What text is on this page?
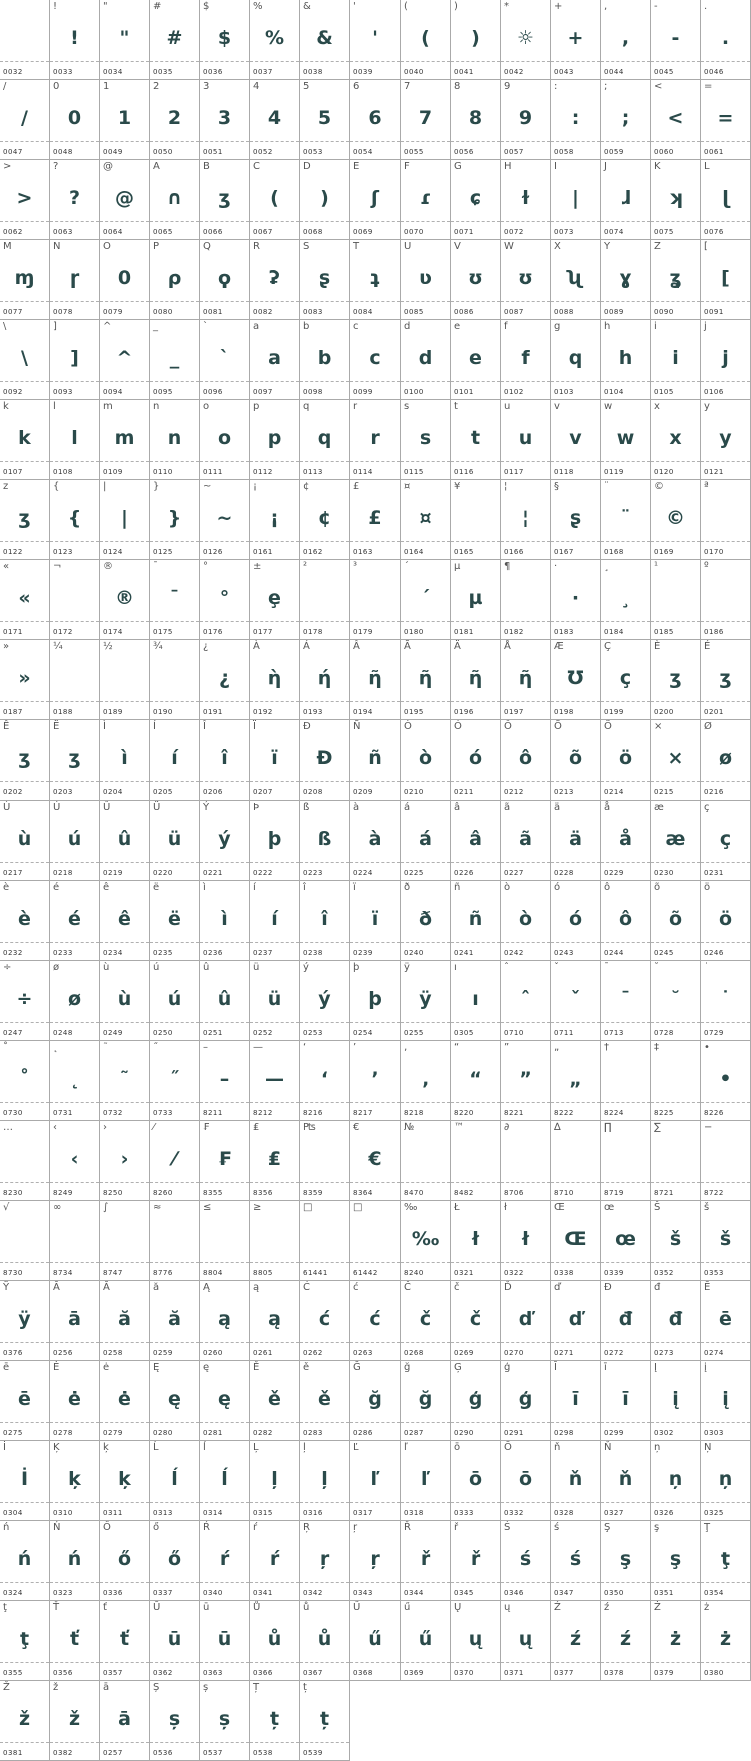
0032
!
!
0033
"
"
0034
#
#
0035
$
$
0036
%
%
0037
&
&
0038
'
'
0039
(
(
0040
)
)
0041
*
☼
0042
+
+
0043
,
,
0044
-
-
0045
.
.
0046
/
/
0047
0
0
0048
1
1
0049
2
2
0050
3
3
0051
4
4
0052
5
5
0053
6
6
0054
7
7
0055
8
8
0056
9
9
0057
:
:
0058
;
;
0059
<
<
0060
=
=
0061
>
>
0062
?
?
0063
@
@
0064
A
∩
0065
B
ʒ
0066
C
(
0067
D
)
0068
E
ʃ
0069
F
ɾ
0070
G
ɕ
0071
H
ɫ
0072
I
|
0073
J
ɺ
0074
K
ʞ
0075
L
ɭ
0076
M
ɱ
0077
N
ɼ
0078
O
0
0079
P
ρ
0080
Q
ϙ
0081
R
ʡ
0082
S
ʂ
0083
T
ʇ
0084
U
ʋ
0085
V
ʊ
0086
W
ʊ
0087
X
ʯ
0088
Y
ɣ
0089
Z
ʓ
0090
[
[
0091
\
\
0092
]
]
0093
^
^
0094
_
_
0095
`
`
0096
a
a
0097
b
b
0098
c
c
0099
d
d
0100
e
e
0101
f
f
0102
g
q
0103
h
h
0104
i
i
0105
j
j
0106
k
k
0107
l
l
0108
m
m
0109
n
n
0110
o
o
0111
p
p
0112
q
q
0113
r
r
0114
s
s
0115
t
t
0116
u
u
0117
v
v
0118
w
w
0119
x
x
0120
y
y
0121
z
ʒ
0122
{
{
0123
|
|
0124
}
}
0125
~
~
0126
¡
¡
0161
¢
¢
0162
£
£
0163
¤
¤
0164
¥
0165
¦
¦
0166
§
ʂ
0167
¨
¨
0168
©
©
0169
ª
0170
«
«
0171
¬
0172
®
®
0174
¯
¯
0175
°
°
0176
±
ȩ
0177
²
0178
³
0179
´
´
0180
µ
µ
0181
¶
0182
·
·
0183
¸
¸
0184
¹
0185
º
0186
»
»
0187
¼
0188
½
0189
¾
0190
¿
¿
0191
À
ὴ
0192
Á
ή
0193
Â
ῆ
0194
Ã
ῆ
0195
Ä
ῆ
0196
Å
ῆ
0197
Æ
Ʊ
0198
Ç
ç
0199
È
ʒ
0200
É
ʒ
0201
Ê
ʒ
0202
Ë
ʒ
0203
Ì
ì
0204
Í
í
0205
Î
î
0206
Ï
ï
0207
Ð
Ð
0208
Ñ
ñ
0209
Ò
ò
0210
Ó
ó
0211
Ô
ô
0212
Õ
õ
0213
Ö
ö
0214
×
×
0215
Ø
ø
0216
Ù
ù
0217
Ú
ú
0218
Û
û
0219
Ü
ü
0220
Ý
ý
0221
Þ
þ
0222
ß
ß
0223
à
à
0224
á
á
0225
â
â
0226
ã
ã
0227
ä
ä
0228
å
å
0229
æ
æ
0230
ç
ç
0231
è
è
0232
é
é
0233
ê
ê
0234
ë
ë
0235
ì
ì
0236
í
í
0237
î
î
0238
ï
ï
0239
ð
ð
0240
ñ
ñ
0241
ò
ò
0242
ó
ó
0243
ô
ô
0244
õ
õ
0245
ö
ö
0246
÷
÷
0247
ø
ø
0248
ù
ù
0249
ú
ú
0250
û
û
0251
ü
ü
0252
ý
ý
0253
þ
þ
0254
ÿ
ÿ
0255
ı
ı
0305
ˆ
ˆ
0710
ˇ
ˇ
0711
ˉ
ˉ
0713
˘
˘
0728
˙
˙
0729
˚
˚
0730
˛
˛
0731
˜
˜
0732
˝
˝
0733
–
–
8211
—
—
8212
‘
‘
8216
’
’
8217
‚
‚
8218
“
“
8220
”
”
8221
„
„
8222
†
8224
‡
8225
•
•
8226
…
8230
‹
‹
8249
›
›
8250
⁄
⁄
8260
₣
₣
8355
₤
₤
8356
₧
8359
€
€
8364
№
8470
™
8482
∂
8706
∆
8710
∏
8719
∑
8721
−
8722
√
8730
∞
8734
∫
8747
≈
8776
≤
8804
≥
8805
□
61441
□
61442
‰
‰
8240
Ł
ł
0321
ł
ł
0322
Œ
Œ
0338
œ
œ
0339
Š
š
0352
š
š
0353
Ÿ
ÿ
0376
Ā
ā
0256
Ă
ă
0258
ă
ă
0259
Ą
ą
0260
ą
ą
0261
Ć
ć
0262
ć
ć
0263
Č
č
0268
č
č
0269
Ď
ď
0270
ď
ď
0271
Đ
đ
0272
đ
đ
0273
Ē
ē
0274
ē
ē
0275
Ė
ė
0278
ė
ė
0279
Ę
ę
0280
ę
ę
0281
Ě
ě
0282
ě
ě
0283
Ğ
ğ
0286
ğ
ğ
0287
Ģ
ģ
0290
ģ
ģ
0291
Ī
ī
0298
ī
ī
0299
Į
į
0302
į
į
0303
İ
İ
0304
Ķ
ķ
0310
ķ
ķ
0311
Ĺ
ĺ
0313
ĺ
ĺ
0314
Ļ
ļ
0315
ļ
ļ
0316
Ľ
ľ
0317
ľ
ľ
0318
ō
ō
0333
Ō
ō
0332
ň
ň
0328
Ň
ň
0327
ņ
ņ
0326
Ņ
ņ
0325
ń
ń
0324
Ń
ń
0323
Ő
ő
0336
ő
ő
0337
Ŕ
ŕ
0340
ŕ
ŕ
0341
Ŗ
ŗ
0342
ŗ
ŗ
0343
Ř
ř
0344
ř
ř
0345
Ś
ś
0346
ś
ś
0347
Ş
ş
0350
ş
ş
0351
Ţ
ţ
0354
ţ
ţ
0355
Ť
ť
0356
ť
ť
0357
Ū
ū
0362
ū
ū
0363
Ů
ů
0366
ů
ů
0367
Ű
ű
0368
ű
ű
0369
Ų
ų
0370
ų
ų
0371
Ź
ź
0377
ź
ź
0378
Ż
ż
0379
ż
ż
0380
Ž
ž
0381
ž
ž
0382
ā
ā
0257
Ș
ș
0536
ș
ș
0537
Ț
ț
0538
ț
ț
0539
